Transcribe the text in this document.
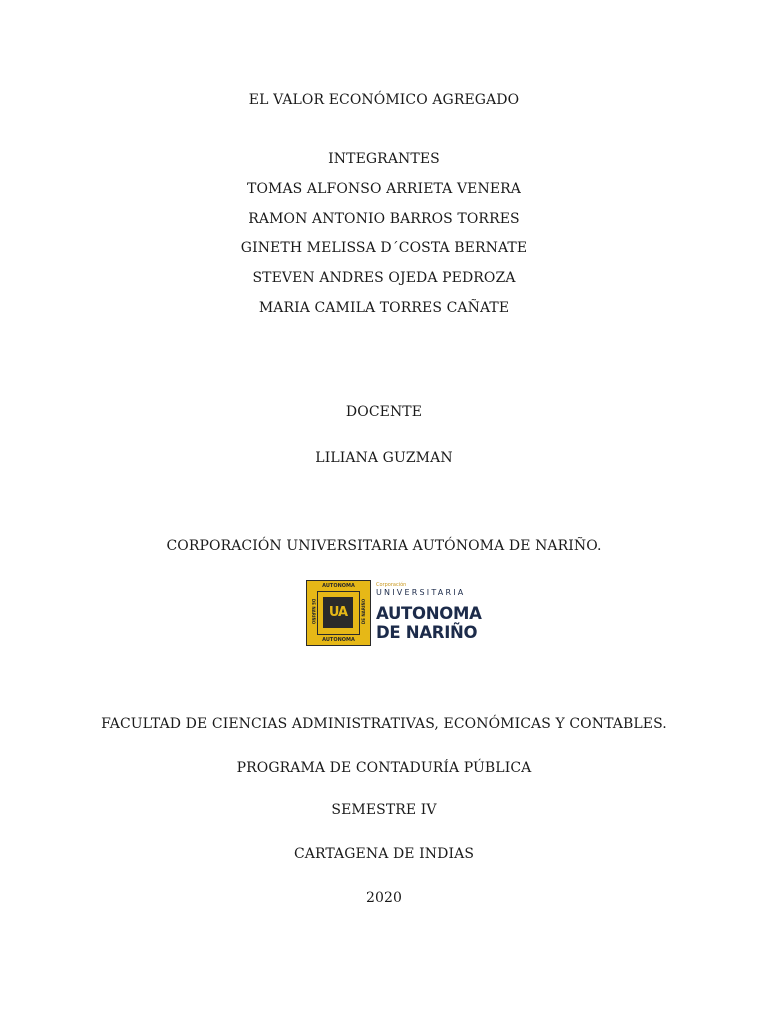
EL VALOR ECONÓMICO AGREGADO
INTEGRANTES
TOMAS ALFONSO ARRIETA VENERA
RAMON ANTONIO BARROS TORRES
GINETH MELISSA D´COSTA BERNATE
STEVEN ANDRES OJEDA PEDROZA
MARIA CAMILA TORRES CAÑATE
DOCENTE
LILIANA GUZMAN
CORPORACIÓN UNIVERSITARIA AUTÓNOMA DE NARIÑO.
AUTONOMA
DE NARIÑO	DE NARIÑO
UA
AUTONOMA
Corporación
UNIVERSITARIA
AUTONOMA
DE NARIÑO
FACULTAD DE CIENCIAS ADMINISTRATIVAS, ECONÓMICAS Y CONTABLES.
PROGRAMA DE CONTADURÍA PÚBLICA
SEMESTRE IV
CARTAGENA DE INDIAS
2020
